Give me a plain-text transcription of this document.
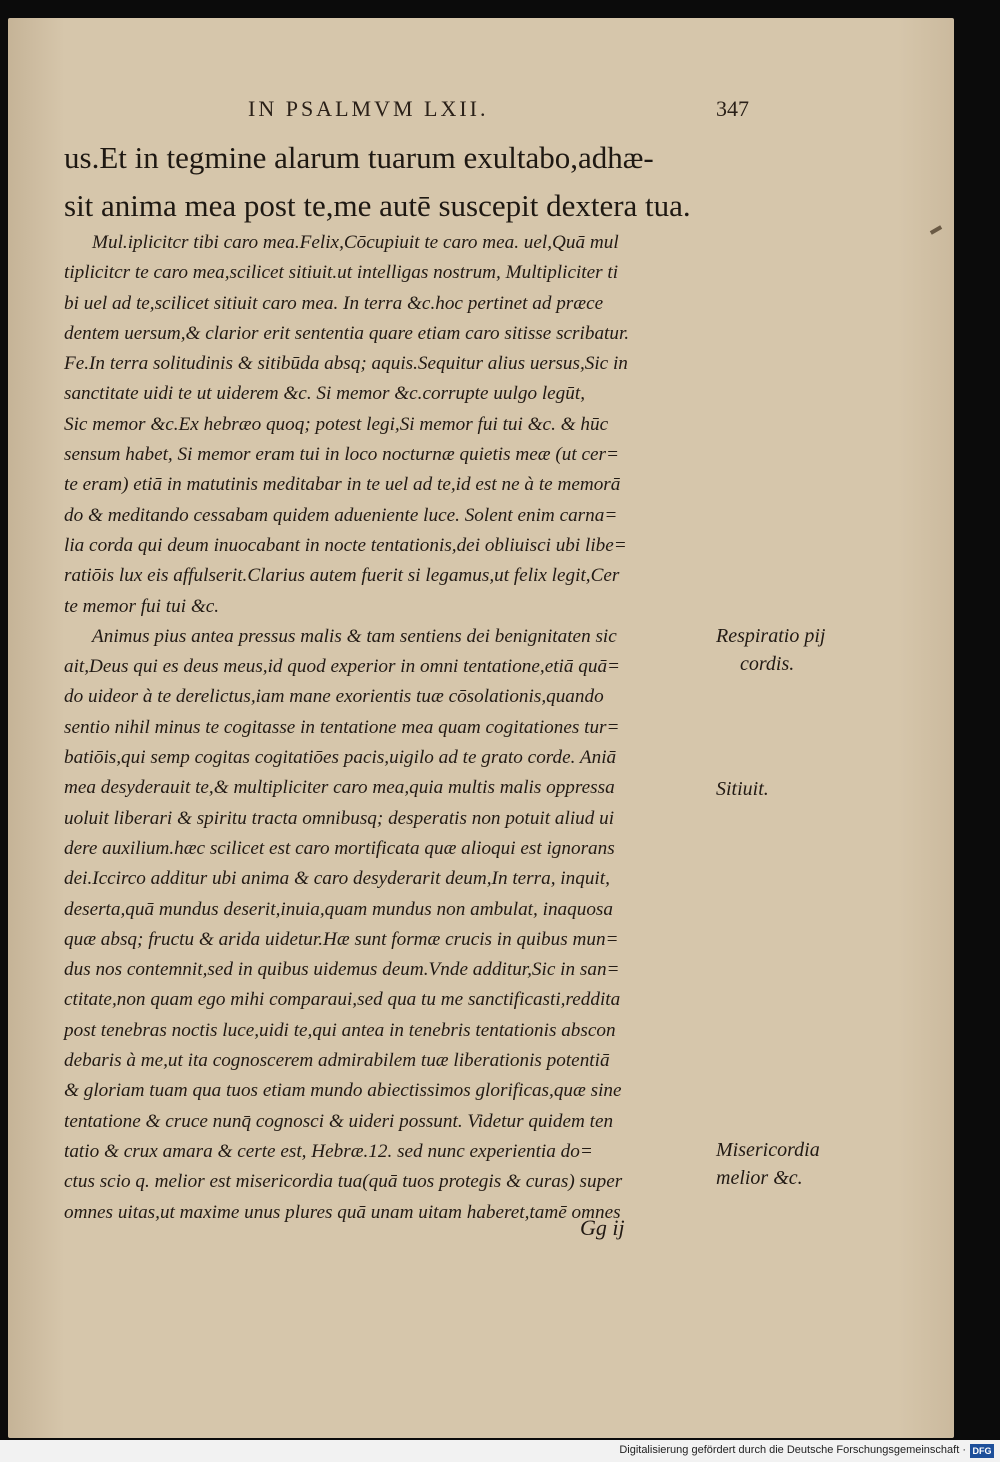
IN PSALMVM LXII.	347
us.Et in tegmine alarum tuarum exultabo,adhæ-
sit anima mea post te,me autē suscepit dextera tua.
Mul.iplicitcr tibi caro mea.Felix,Cōcupiuit te caro mea. uel,Quā mul
tiplicitcr te caro mea,scilicet sitiuit.ut intelligas nostrum, Multipliciter ti
bi uel ad te,scilicet sitiuit caro mea. In terra &c.hoc pertinet ad præce
dentem uersum,& clarior erit sententia quare etiam caro sitisse scribatur.
Fe.In terra solitudinis & sitibūda absq; aquis.Sequitur alius uersus,Sic in
sanctitate uidi te ut uiderem &c. Si memor &c.corrupte uulgo legūt,
Sic memor &c.Ex hebræo quoq; potest legi,Si memor fui tui &c. & hūc
sensum habet, Si memor eram tui in loco nocturnæ quietis meæ (ut cer=
te eram) etiā in matutinis meditabar in te uel ad te,id est ne à te memorā
do & meditando cessabam quidem adueniente luce. Solent enim carna=
lia corda qui deum inuocabant in nocte tentationis,dei obliuisci ubi libe=
ratiōis lux eis affulserit.Clarius autem fuerit si legamus,ut felix legit,Cer
te memor fui tui &c.
Animus pius antea pressus malis & tam sentiens dei benignitaten sic
ait,Deus qui es deus meus,id quod experior in omni tentatione,etiā quā=
do uideor à te derelictus,iam mane exorientis tuæ cōsolationis,quando
sentio nihil minus te cogitasse in tentatione mea quam cogitationes tur=
batiōis,qui semp cogitas cogitatiōes pacis,uigilo ad te grato corde. Aniā
mea desyderauit te,& multipliciter caro mea,quia multis malis oppressa
uoluit liberari & spiritu tracta omnibusq; desperatis non potuit aliud ui
dere auxilium.hæc scilicet est caro mortificata quæ alioqui est ignorans
dei.Iccirco additur ubi anima & caro desyderarit deum,In terra, inquit,
deserta,quā mundus deserit,inuia,quam mundus non ambulat, inaquosa
quæ absq; fructu & arida uidetur.Hæ sunt formæ crucis in quibus mun=
dus nos contemnit,sed in quibus uidemus deum.Vnde additur,Sic in san=
ctitate,non quam ego mihi comparaui,sed qua tu me sanctificasti,reddita
post tenebras noctis luce,uidi te,qui antea in tenebris tentationis abscon
debaris à me,ut ita cognoscerem admirabilem tuæ liberationis potentiā
& gloriam tuam qua tuos etiam mundo abiectissimos glorificas,quæ sine
tentatione & cruce nunq̄ cognosci & uideri possunt. Videtur quidem ten
tatio & crux amara & certe est, Hebræ.12. sed nunc experientia do=
ctus scio q. melior est misericordia tua(quā tuos protegis & curas) super
omnes uitas,ut maxime unus plures quā unam uitam haberet,tamē omnes
Respiratio pij
cordis.
Sitiuit.
Misericordia
melior &c.
Gg ij
Digitalisierung gefördert durch die Deutsche Forschungsgemeinschaft · DFG
